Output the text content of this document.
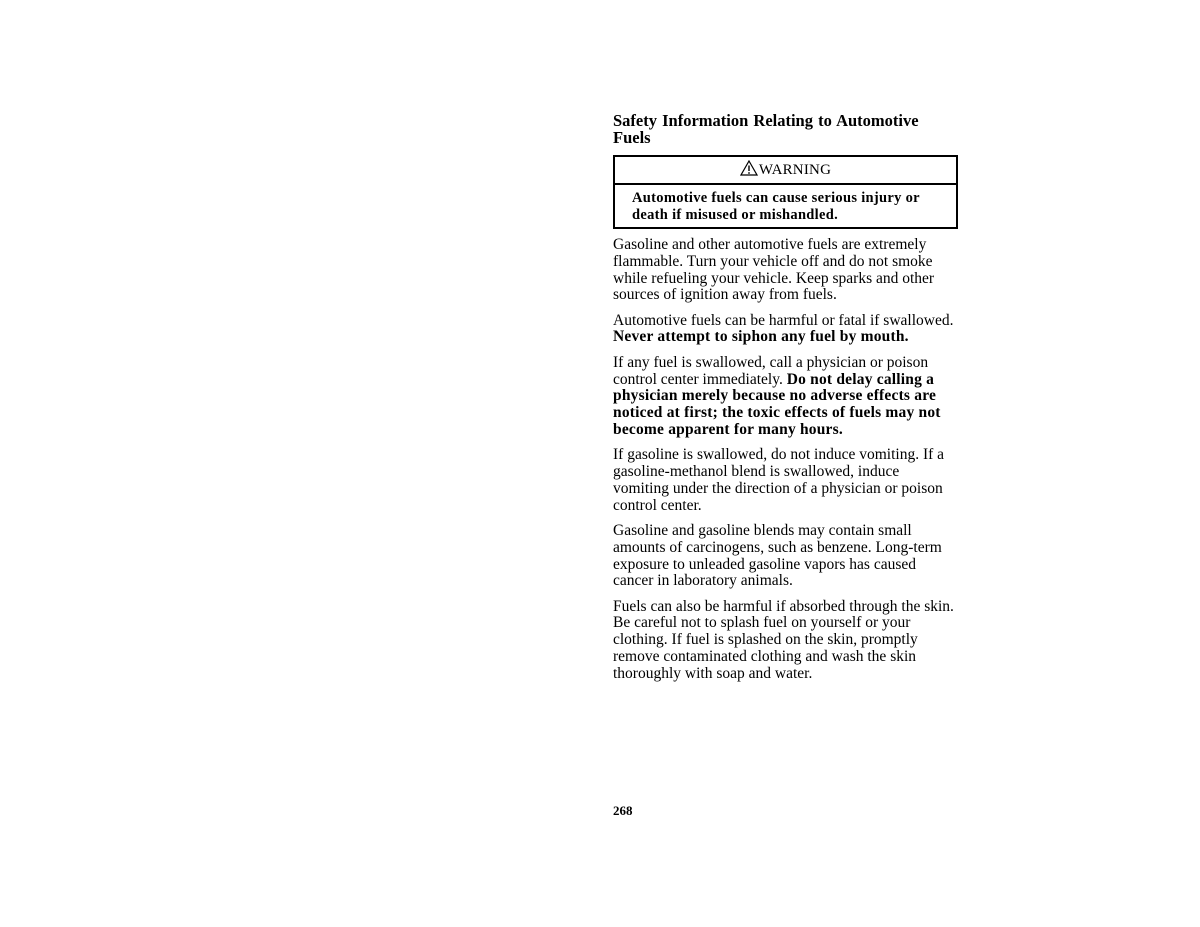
Safety Information Relating to Automotive Fuels
WARNING
Automotive fuels can cause serious injury or death if misused or mishandled.

Gasoline and other automotive fuels are extremely flammable. Turn your vehicle off and do not smoke while refueling your vehicle. Keep sparks and other sources of ignition away from fuels.

Automotive fuels can be harmful or fatal if swallowed. Never attempt to siphon any fuel by mouth.

If any fuel is swallowed, call a physician or poison control center immediately. Do not delay calling a physician merely because no adverse effects are noticed at first; the toxic effects of fuels may not become apparent for many hours.

If gasoline is swallowed, do not induce vomiting. If a gasoline-methanol blend is swallowed, induce vomiting under the direction of a physician or poison control center.

Gasoline and gasoline blends may contain small amounts of carcinogens, such as benzene. Long-term exposure to unleaded gasoline vapors has caused cancer in laboratory animals.

Fuels can also be harmful if absorbed through the skin. Be careful not to splash fuel on yourself or your clothing. If fuel is splashed on the skin, promptly remove contaminated clothing and wash the skin thoroughly with soap and water.

268
